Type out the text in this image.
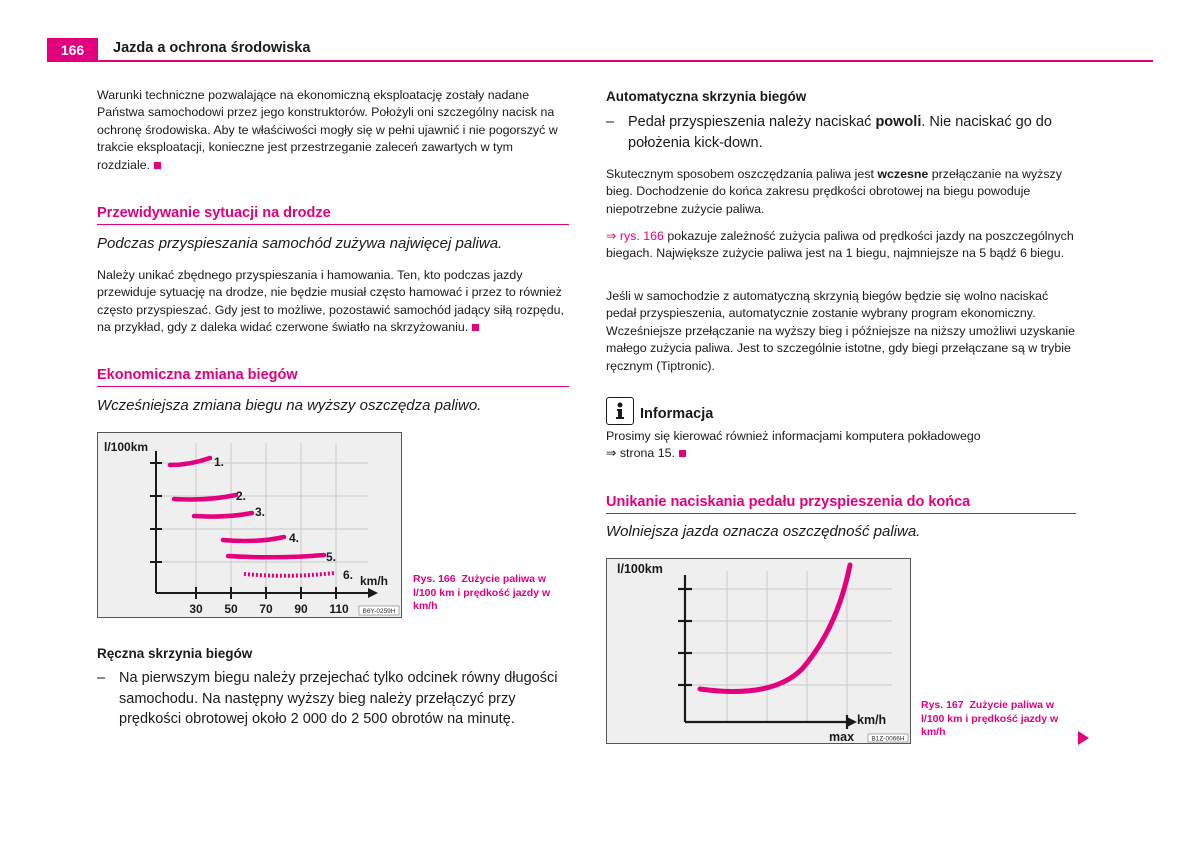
166 Jazda a ochrona środowiska

Warunki techniczne pozwalające na ekonomiczną eksploatację zostały nadane Państwa samochodowi przez jego konstruktorów. Położyli oni szczególny nacisk na ochronę środowiska. Aby te właściwości mogły się w pełni ujawnić i nie pogorszyć w trakcie eksploatacji, konieczne jest przestrzeganie zaleceń zawartych w tym rozdziale.

Przewidywanie sytuacji na drodze
Podczas przyspieszania samochód zużywa najwięcej paliwa.

Należy unikać zbędnego przyspieszania i hamowania. Ten, kto podczas jazdy przewiduje sytuację na drodze, nie będzie musiał często hamować i przez to również często przyspieszać. Gdy jest to możliwe, pozostawić samochód jadący siłą rozpędu, na przykład, gdy z daleka widać czerwone światło na skrzyżowaniu.

Ekonomiczna zmiana biegów
Wcześniejsza zmiana biegu na wyższy oszczędza paliwo.
l/100km
1.
2.
3.
4.
5.
6. km/h
30 50 70 90 110 B6Y-0259H
Rys. 166 Zużycie paliwa w l/100 km i prędkość jazdy w km/h
Ręczna skrzynia biegów
– Na pierwszym biegu należy przejechać tylko odcinek równy długości samochodu. Na następny wyższy bieg należy przełączyć przy prędkości obrotowej około 2 000 do 2 500 obrotów na minutę.
Automatyczna skrzynia biegów
– Pedał przyspieszenia należy naciskać powoli. Nie naciskać go do położenia kick-down.

Skutecznym sposobem oszczędzania paliwa jest wczesne przełączanie na wyższy bieg. Dochodzenie do końca zakresu prędkości obrotowej na biegu powoduje niepotrzebne zużycie paliwa.

⇒ rys. 166 pokazuje zależność zużycia paliwa od prędkości jazdy na poszczególnych biegach. Największe zużycie paliwa jest na 1 biegu, najmniejsze na 5 bądź 6 biegu.

Jeśli w samochodzie z automatyczną skrzynią biegów będzie się wolno naciskać pedał przyspieszenia, automatycznie zostanie wybrany program ekonomiczny. Wcześniejsze przełączanie na wyższy bieg i późniejsze na niższy umożliwi uzyskanie małego zużycia paliwa. Jest to szczególnie istotne, gdy biegi przełączane są w trybie ręcznym (Tiptronic).

Informacja

Prosimy się kierować również informacjami komputera pokładowego

⇒ strona 15.

Unikanie naciskania pedału przyspieszenia do końca
Wolniejsza jazda oznacza oszczędność paliwa.
l/100km
km/h
max	B1Z-0066H
Rys. 167 Zużycie paliwa w l/100 km i prędkość jazdy w km/h
